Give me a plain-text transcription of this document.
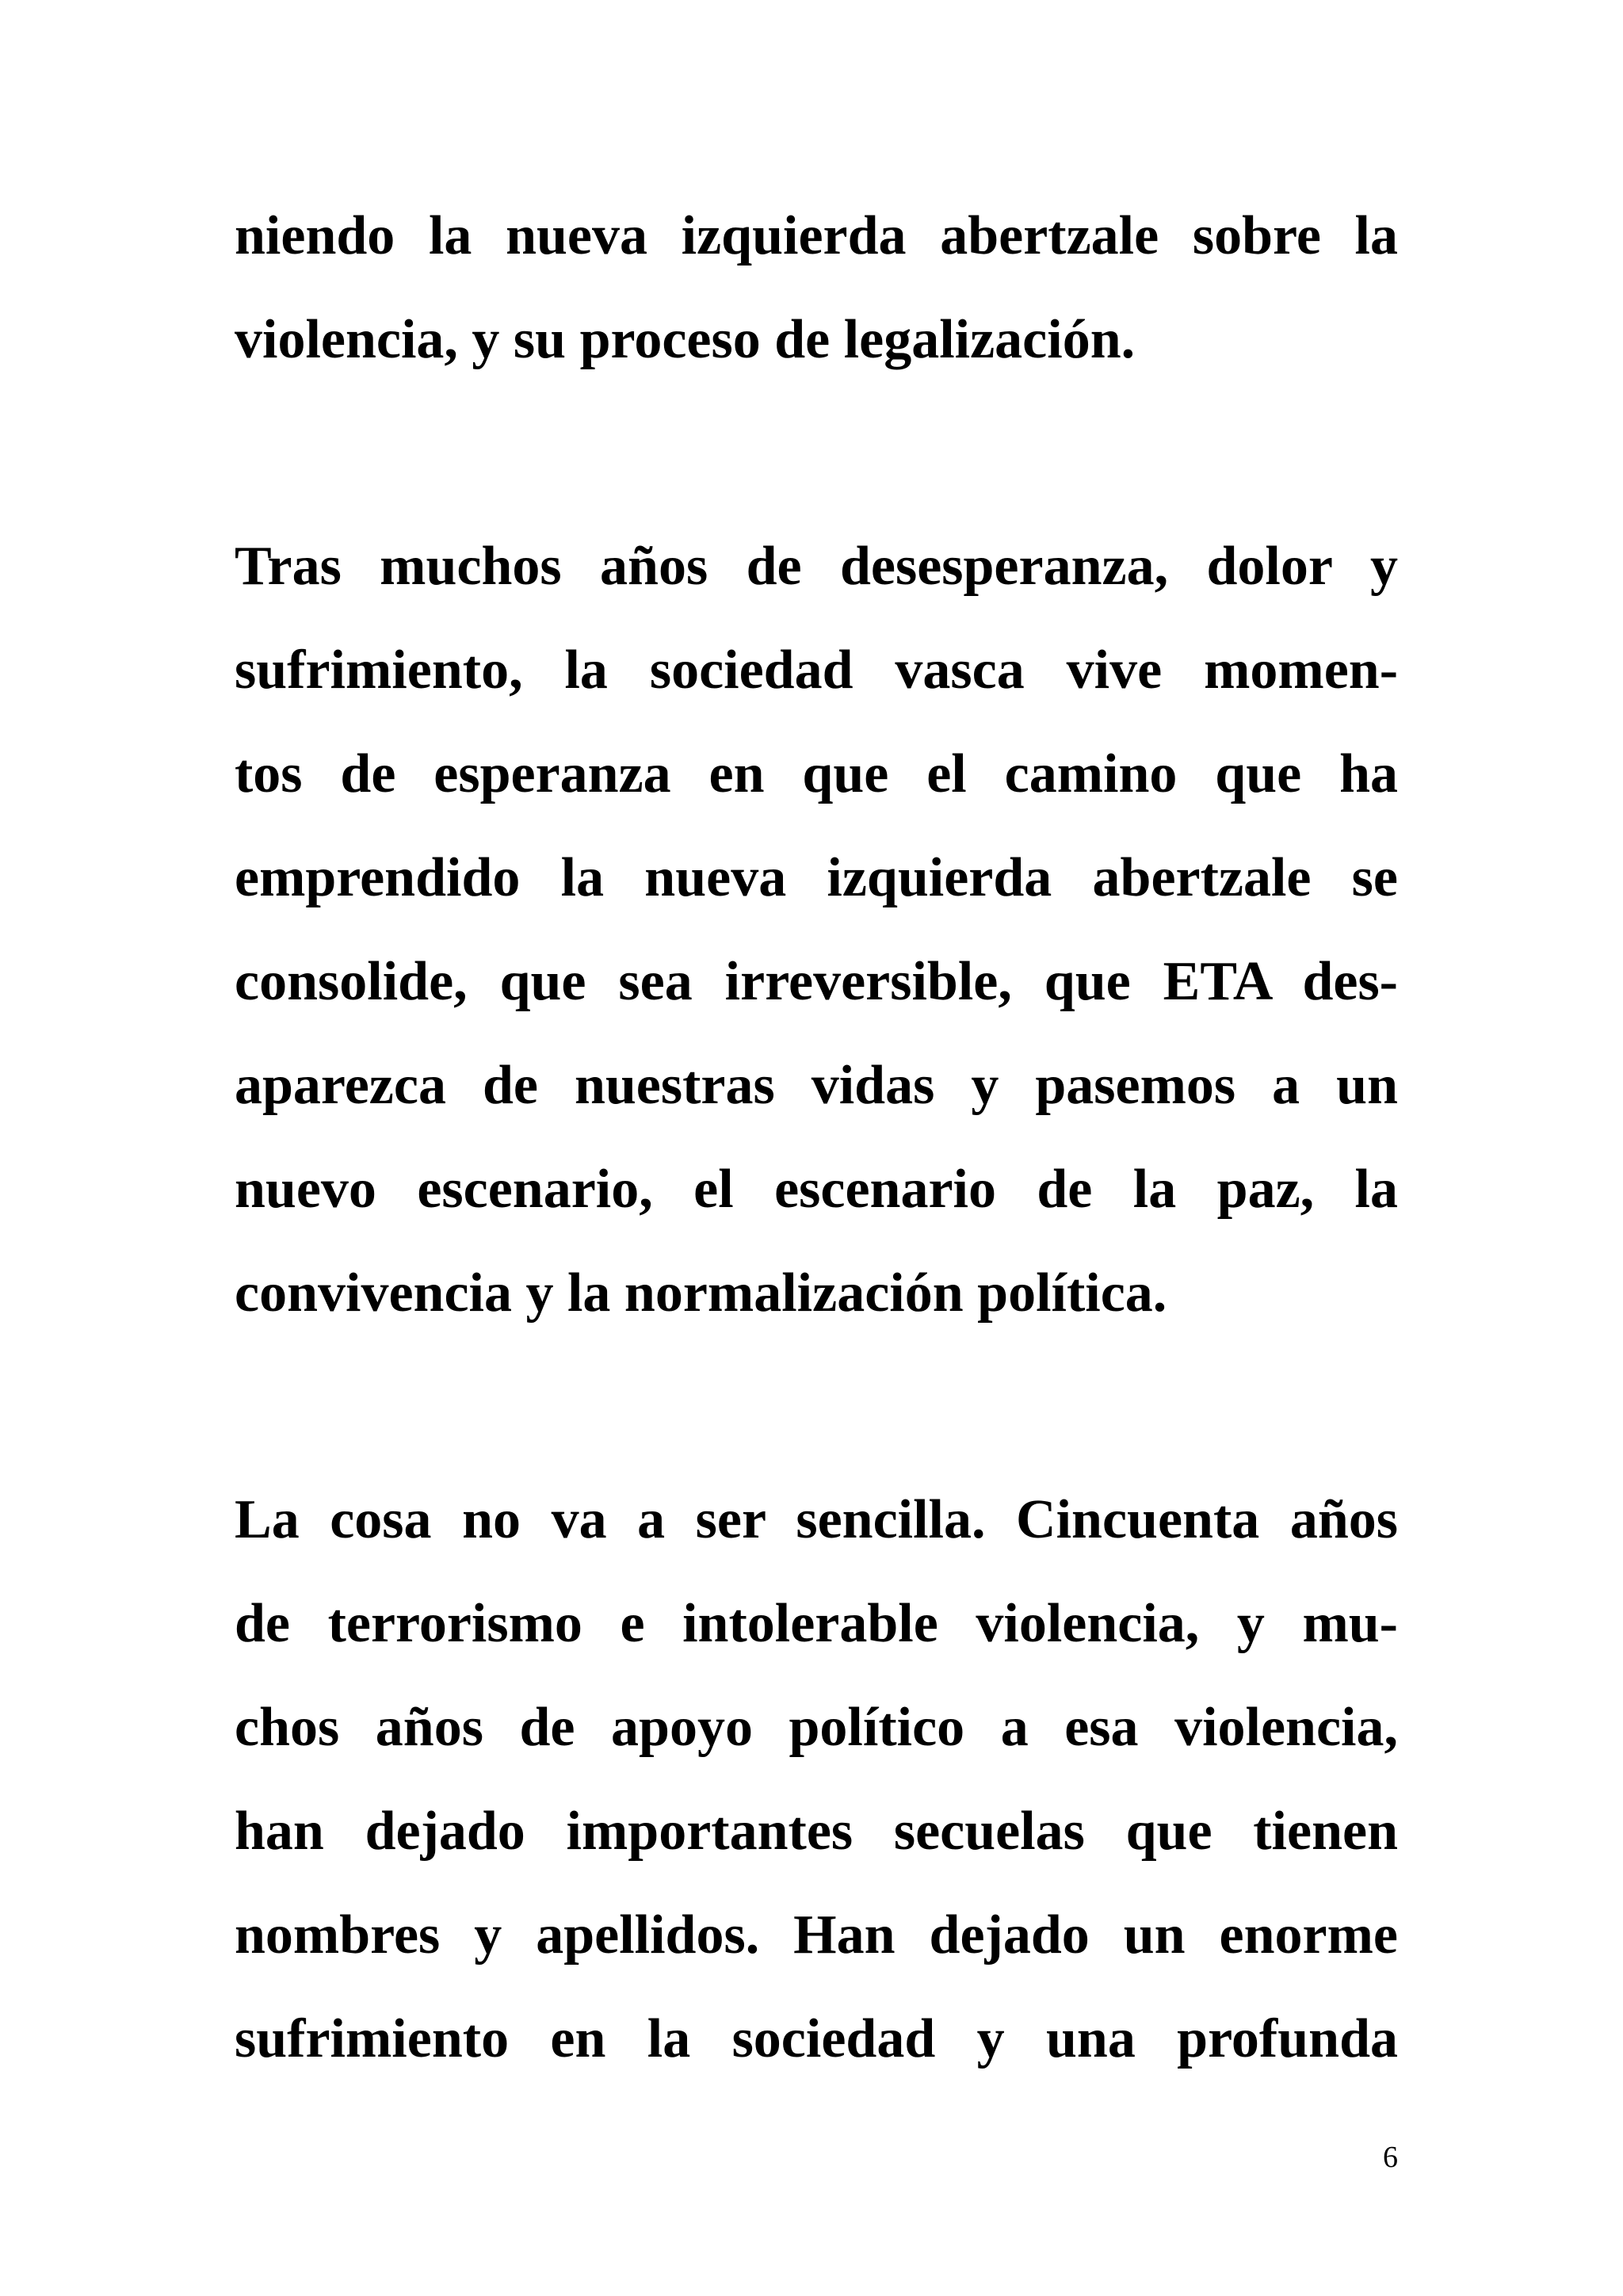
niendo la nueva izquierda abertzale sobre la
violencia, y su proceso de legalización.
Tras muchos años de desesperanza, dolor y
sufrimiento, la sociedad vasca vive momen-
tos de esperanza en que el camino que ha
emprendido la nueva izquierda abertzale se
consolide, que sea irreversible, que ETA des-
aparezca de nuestras vidas y pasemos a un
nuevo escenario, el escenario de la paz, la
convivencia y la normalización política.
La cosa no va a ser sencilla. Cincuenta años
de terrorismo e intolerable violencia, y mu-
chos años de apoyo político a esa violencia,
han dejado importantes secuelas que tienen
nombres y apellidos. Han dejado un enorme
sufrimiento en la sociedad y una profunda
6
